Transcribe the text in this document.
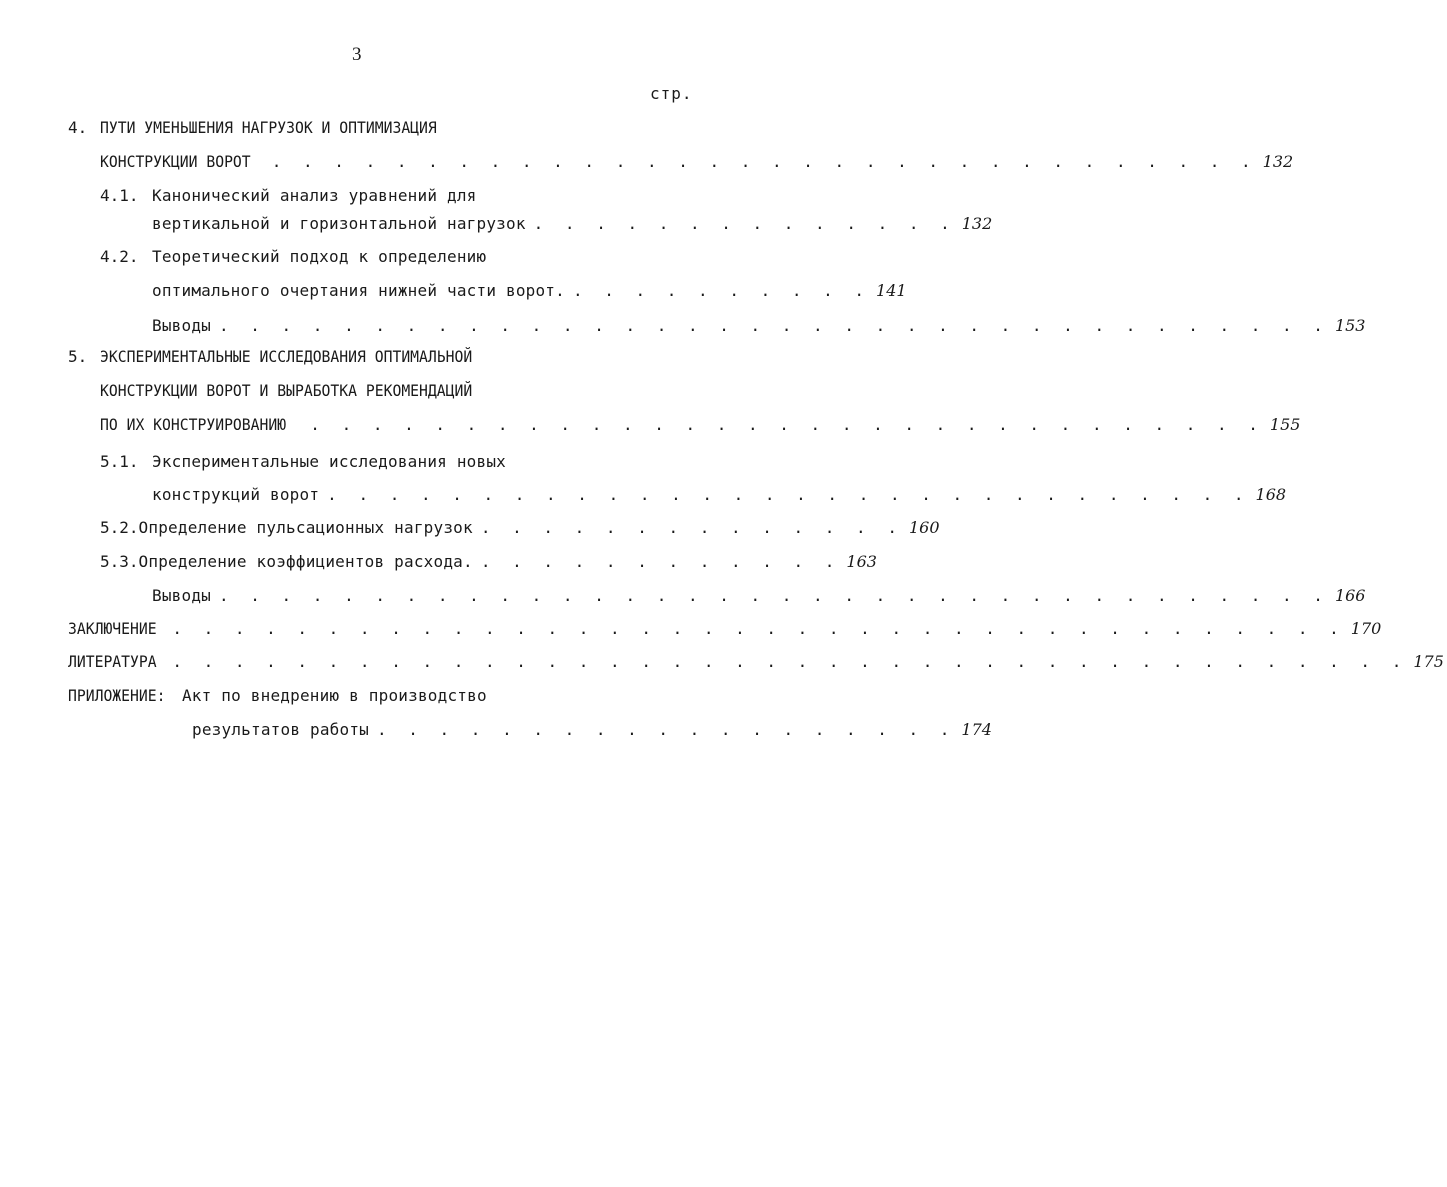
3
стр.
4. ПУТИ УМЕНЬШЕНИЯ НАГРУЗОК И ОПТИМИЗАЦИЯ
КОНСТРУКЦИИ ВОРОТ . . . . . . . . . . . . . . . . . . . . . . . . . . . . . . . . 132
4.1. Канонический анализ уравнений для
вертикальной и горизонтальной нагрузок . . . . . . . . . . . . . . 132
4.2. Теоретический подход к определению
оптимального очертания нижней части ворот. . . . . . . . . . . 141
Выводы . . . . . . . . . . . . . . . . . . . . . . . . . . . . . . . . . . . . 153
5. ЭКСПЕРИМЕНТАЛЬНЫЕ ИССЛЕДОВАНИЯ ОПТИМАЛЬНОЙ
КОНСТРУКЦИИ ВОРОТ И ВЫРАБОТКА РЕКОМЕНДАЦИЙ
ПО ИХ КОНСТРУИРОВАНИЮ . . . . . . . . . . . . . . . . . . . . . . . . . . . . . . . 155
5.1. Экспериментальные исследования новых
конструкций ворот . . . . . . . . . . . . . . . . . . . . . . . . . . . . . . 168
5.2. Определение пульсационных нагрузок . . . . . . . . . . . . . . 160
5.3. Определение коэффициентов расхода. . . . . . . . . . . . . 163
Выводы . . . . . . . . . . . . . . . . . . . . . . . . . . . . . . . . . . . . 166
ЗАКЛЮЧЕНИЕ . . . . . . . . . . . . . . . . . . . . . . . . . . . . . . . . . . . . . . 170
ЛИТЕРАТУРА . . . . . . . . . . . . . . . . . . . . . . . . . . . . . . . . . . . . . . . . 175
ПРИЛОЖЕНИЕ: Акт по внедрению в производство
результатов работы . . . . . . . . . . . . . . . . . . . 174
